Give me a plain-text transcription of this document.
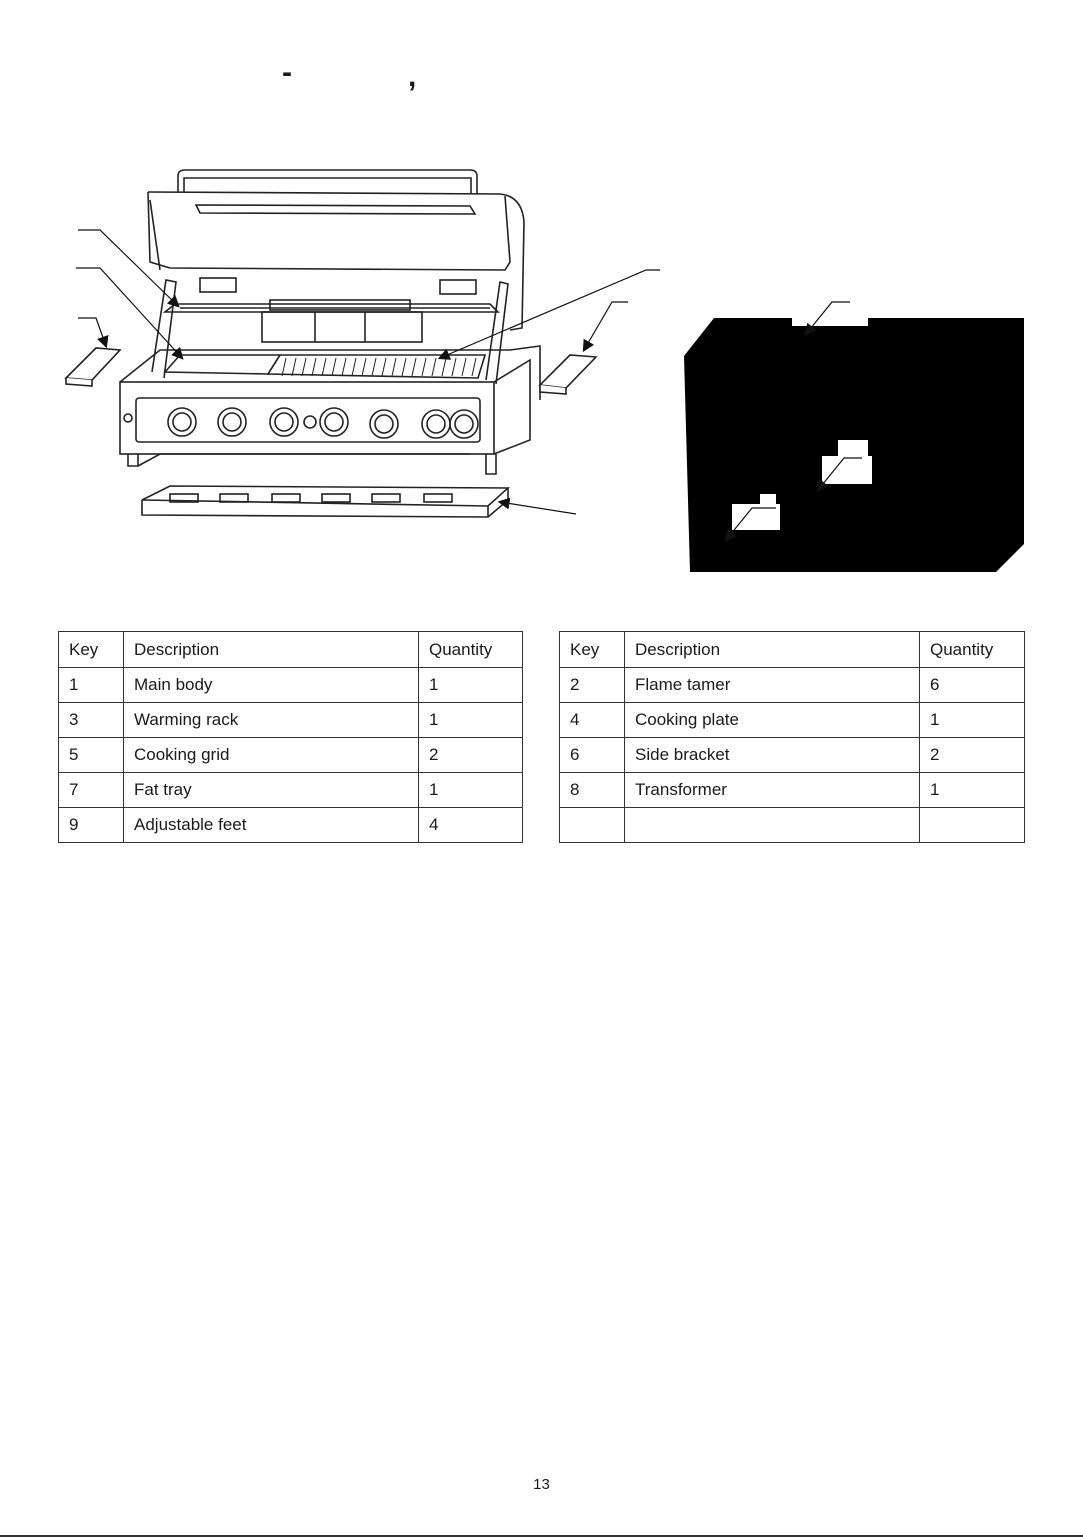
-	,
Key	Description	Quantity
1	Main body	1
3	Warming rack	1
5	Cooking grid	2
7	Fat tray	1
9	Adjustable feet	4
Key	Description	Quantity
2	Flame tamer	6
4	Cooking plate	1
6	Side bracket	2
8	Transformer	1

13
